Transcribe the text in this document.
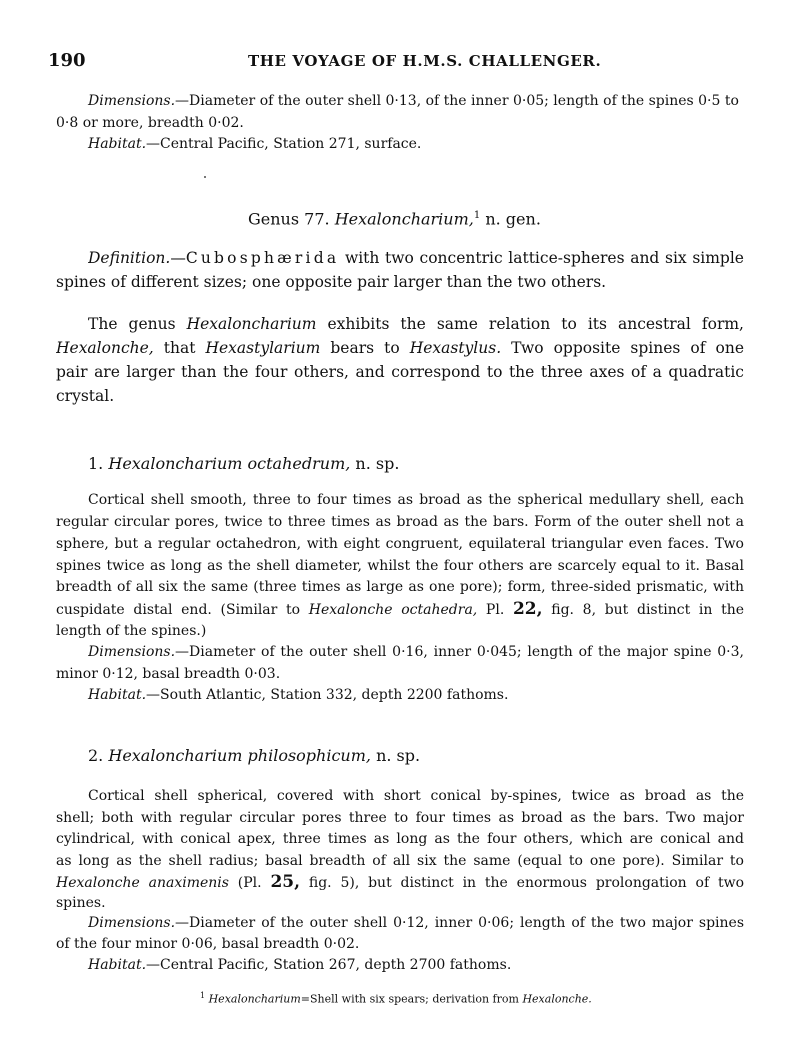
190	THE VOYAGE OF H.M.S. CHALLENGER.
Dimensions.—Diameter of the outer shell 0·13, of the inner 0·05; length of the spines 0·5 to
0·8 or more, breadth 0·02.
Habitat.—Central Pacific, Station 271, surface.
Genus 77. Hexaloncharium,$^1$ n. gen.
Definition.—Cubosphærida with two concentric lattice-spheres and six simple
spines of different sizes; one opposite pair larger than the two others.
The genus Hexaloncharium exhibits the same relation to its ancestral form,
Hexalonche, that Hexastylarium bears to Hexastylus. Two opposite spines of one
pair are larger than the four others, and correspond to the three axes of a quadratic
crystal.
1. Hexaloncharium octahedrum, n. sp.
Cortical shell smooth, three to four times as broad as the spherical medullary shell, each
regular circular pores, twice to three times as broad as the bars. Form of the outer shell not a
sphere, but a regular octahedron, with eight congruent, equilateral triangular even faces. Two
spines twice as long as the shell diameter, whilst the four others are scarcely equal to it. Basal
breadth of all six the same (three times as large as one pore); form, three-sided prismatic, with
cuspidate distal end. (Similar to Hexalonche octahedra, Pl. 22, fig. 8, but distinct in the
length of the spines.)
Dimensions.—Diameter of the outer shell 0·16, inner 0·045; length of the major spine 0·3,
minor 0·12, basal breadth 0·03.
Habitat.—South Atlantic, Station 332, depth 2200 fathoms.
2. Hexaloncharium philosophicum, n. sp.
Cortical shell spherical, covered with short conical by-spines, twice as broad as the
shell; both with regular circular pores three to four times as broad as the bars. Two major
cylindrical, with conical apex, three times as long as the four others, which are conical and
as long as the shell radius; basal breadth of all six the same (equal to one pore). Similar to
Hexalonche anaximenis (Pl. 25, fig. 5), but distinct in the enormous prolongation of two
spines.
Dimensions.—Diameter of the outer shell 0·12, inner 0·06; length of the two major spines
of the four minor 0·06, basal breadth 0·02.
Habitat.—Central Pacific, Station 267, depth 2700 fathoms.
$^1$ Hexaloncharium=Shell with six spears; derivation from Hexalonche.
